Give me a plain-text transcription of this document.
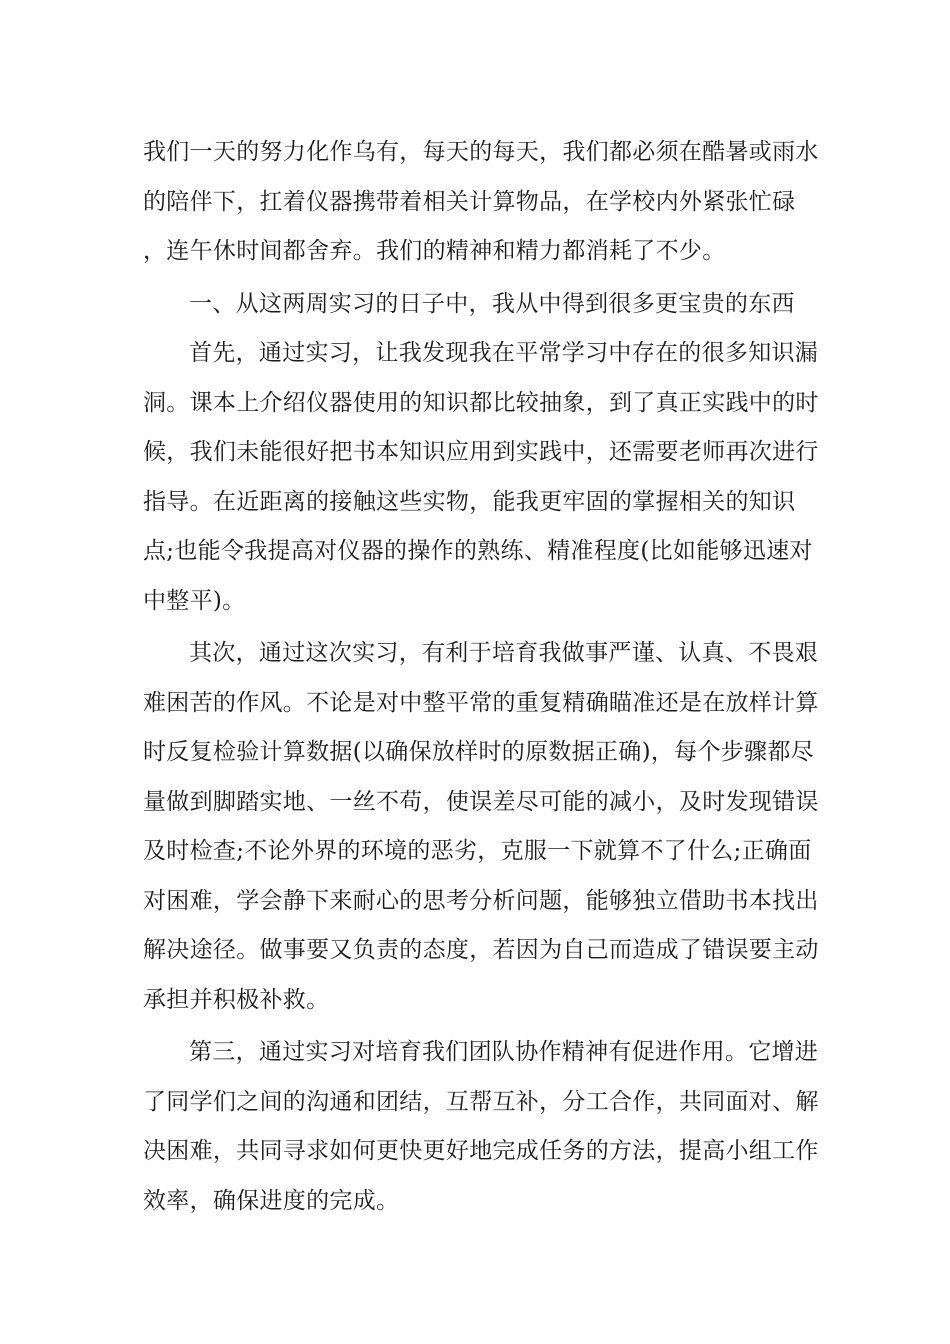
我们一天的努力化作乌有，每天的每天，我们都必须在酷暑或雨水的陪伴下，扛着仪器携带着相关计算物品，在学校内外紧张忙碌 ，连午休时间都舍弃。我们的精神和精力都消耗了不少。

一、从这两周实习的日子中，我从中得到很多更宝贵的东西

首先，通过实习，让我发现我在平常学习中存在的很多知识漏洞。课本上介绍仪器使用的知识都比较抽象，到了真正实践中的时候，我们未能很好把书本知识应用到实践中，还需要老师再次进行指导。在近距离的接触这些实物，能我更牢固的掌握相关的知识点;也能令我提高对仪器的操作的熟练、精准程度(比如能够迅速对中整平)。

其次，通过这次实习，有利于培育我做事严谨、认真、不畏艰难困苦的作风。不论是对中整平常的重复精确瞄准还是在放样计算时反复检验计算数据(以确保放样时的原数据正确)，每个步骤都尽量做到脚踏实地、一丝不苟，使误差尽可能的减小，及时发现错误及时检查;不论外界的环境的恶劣，克服一下就算不了什么;正确面对困难，学会静下来耐心的思考分析问题，能够独立借助书本找出解决途径。做事要又负责的态度，若因为自己而造成了错误要主动承担并积极补救。

第三，通过实习对培育我们团队协作精神有促进作用。它增进了同学们之间的沟通和团结，互帮互补，分工合作，共同面对、解决困难，共同寻求如何更快更好地完成任务的方法，提高小组工作效率，确保进度的完成。
